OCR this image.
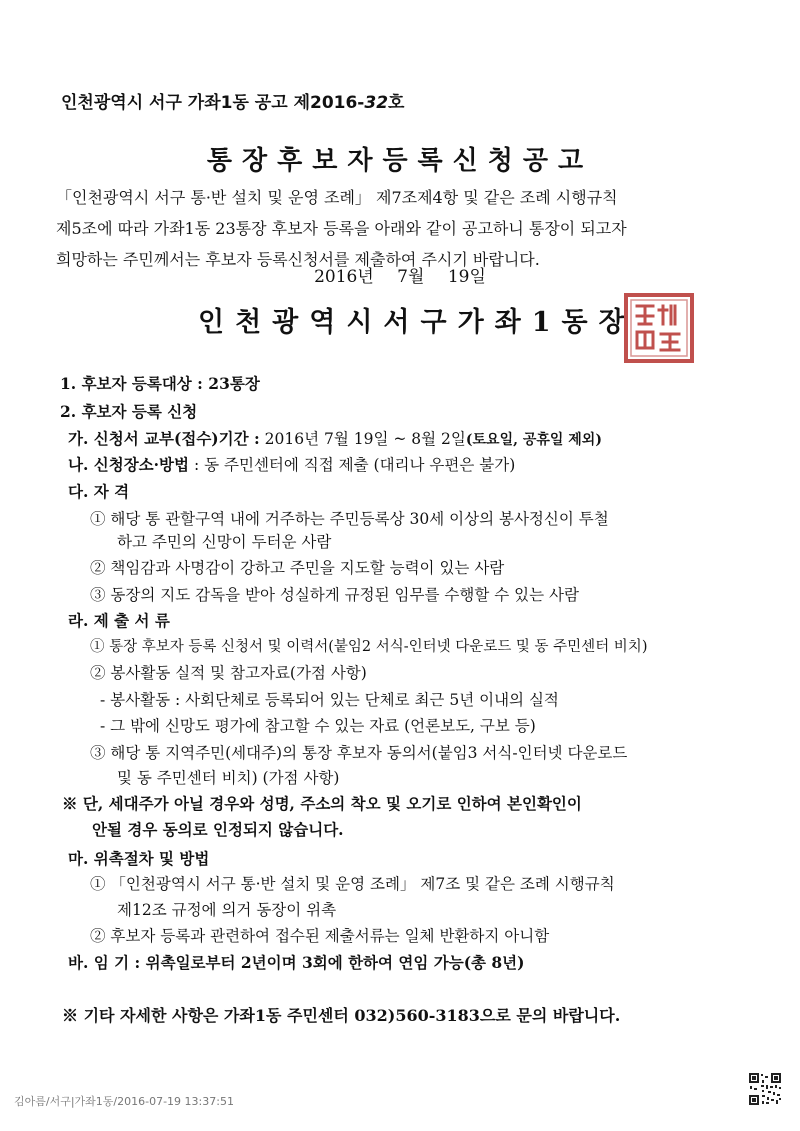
인천광역시 서구 가좌1동 공고 제2016-32호
통장후보자등록신청공고
「인천광역시 서구 통·반 설치 및 운영 조례」 제7조제4항 및 같은 조례 시행규칙
제5조에 따라 가좌1동 23통장 후보자 등록을 아래와 같이 공고하니 통장이 되고자
희망하는 주민께서는 후보자 등록신청서를 제출하여 주시기 바랍니다.
2016년 7월 19일
인천광역시서구가좌1동장
1. 후보자 등록대상 : 23통장
2. 후보자 등록 신청
가. 신청서 교부(접수)기간 : 2016년 7월 19일 ~ 8월 2일(토요일, 공휴일 제외)
나. 신청장소·방법 : 동 주민센터에 직접 제출 (대리나 우편은 불가)
다. 자 격
① 해당 통 관할구역 내에 거주하는 주민등록상 30세 이상의 봉사정신이 투철
하고 주민의 신망이 두터운 사람
② 책임감과 사명감이 강하고 주민을 지도할 능력이 있는 사람
③ 동장의 지도 감독을 받아 성실하게 규정된 임무를 수행할 수 있는 사람
라. 제 출 서 류
① 통장 후보자 등록 신청서 및 이력서(붙임2 서식-인터넷 다운로드 및 동 주민센터 비치)
② 봉사활동 실적 및 참고자료(가점 사항)
- 봉사활동 : 사회단체로 등록되어 있는 단체로 최근 5년 이내의 실적
- 그 밖에 신망도 평가에 참고할 수 있는 자료 (언론보도, 구보 등)
③ 해당 통 지역주민(세대주)의 통장 후보자 동의서(붙임3 서식-인터넷 다운로드
및 동 주민센터 비치) (가점 사항)
※ 단, 세대주가 아닐 경우와 성명, 주소의 착오 및 오기로 인하여 본인확인이
안될 경우 동의로 인정되지 않습니다.
마. 위촉절차 및 방법
① 「인천광역시 서구 통·반 설치 및 운영 조례」 제7조 및 같은 조례 시행규칙
제12조 규정에 의거 동장이 위촉
② 후보자 등록과 관련하여 접수된 제출서류는 일체 반환하지 아니함
바. 임 기 : 위촉일로부터 2년이며 3회에 한하여 연임 가능(총 8년)
※ 기타 자세한 사항은 가좌1동 주민센터 032)560-3183으로 문의 바랍니다.
김아름/서구|가좌1동/2016-07-19 13:37:51
